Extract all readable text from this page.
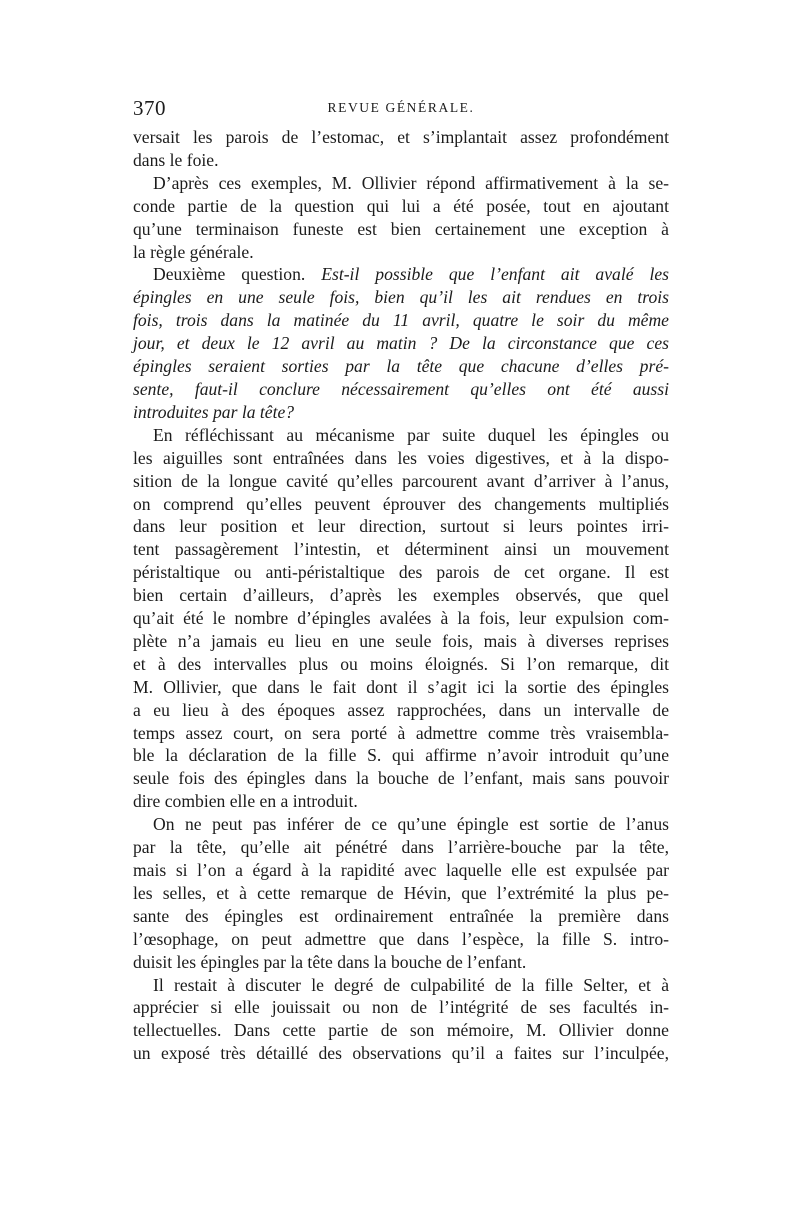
370	REVUE GÉNÉRALE.
versait les parois de l’estomac, et s’implantait assez profondément
dans le foie.
D’après ces exemples, M. Ollivier répond affirmativement à la se-
conde partie de la question qui lui a été posée, tout en ajoutant
qu’une terminaison funeste est bien certainement une exception à
la règle générale.
Deuxième question. Est-il possible que l’enfant ait avalé les
épingles en une seule fois, bien qu’il les ait rendues en trois
fois, trois dans la matinée du 11 avril, quatre le soir du même
jour, et deux le 12 avril au matin ? De la circonstance que ces
épingles seraient sorties par la tête que chacune d’elles pré-
sente, faut-il conclure nécessairement qu’elles ont été aussi
introduites par la tête?
En réfléchissant au mécanisme par suite duquel les épingles ou
les aiguilles sont entraînées dans les voies digestives, et à la dispo-
sition de la longue cavité qu’elles parcourent avant d’arriver à l’anus,
on comprend qu’elles peuvent éprouver des changements multipliés
dans leur position et leur direction, surtout si leurs pointes irri-
tent passagèrement l’intestin, et déterminent ainsi un mouvement
péristaltique ou anti-péristaltique des parois de cet organe. Il est
bien certain d’ailleurs, d’après les exemples observés, que quel
qu’ait été le nombre d’épingles avalées à la fois, leur expulsion com-
plète n’a jamais eu lieu en une seule fois, mais à diverses reprises
et à des intervalles plus ou moins éloignés. Si l’on remarque, dit
M. Ollivier, que dans le fait dont il s’agit ici la sortie des épingles
a eu lieu à des époques assez rapprochées, dans un intervalle de
temps assez court, on sera porté à admettre comme très vraisembla-
ble la déclaration de la fille S. qui affirme n’avoir introduit qu’une
seule fois des épingles dans la bouche de l’enfant, mais sans pouvoir
dire combien elle en a introduit.
On ne peut pas inférer de ce qu’une épingle est sortie de l’anus
par la tête, qu’elle ait pénétré dans l’arrière-bouche par la tête,
mais si l’on a égard à la rapidité avec laquelle elle est expulsée par
les selles, et à cette remarque de Hévin, que l’extrémité la plus pe-
sante des épingles est ordinairement entraînée la première dans
l’œsophage, on peut admettre que dans l’espèce, la fille S. intro-
duisit les épingles par la tête dans la bouche de l’enfant.
Il restait à discuter le degré de culpabilité de la fille Selter, et à
apprécier si elle jouissait ou non de l’intégrité de ses facultés in-
tellectuelles. Dans cette partie de son mémoire, M. Ollivier donne
un exposé très détaillé des observations qu’il a faites sur l’inculpée,
